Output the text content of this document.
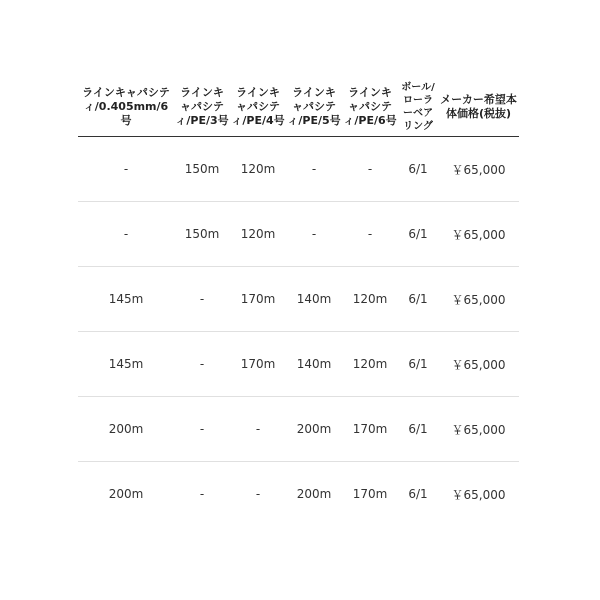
ラインキャパシティ/0.405mm/6号	ラインキャパシティ/PE/3号	ラインキャパシティ/PE/4号	ラインキャパシティ/PE/5号	ラインキャパシティ/PE/6号	ボール/ローラーベアリング	メーカー希望本体価格(税抜)
-	150m	120m	-	-	6/1	￥65,000
-	150m	120m	-	-	6/1	￥65,000
145m	-	170m	140m	120m	6/1	￥65,000
145m	-	170m	140m	120m	6/1	￥65,000
200m	-	-	200m	170m	6/1	￥65,000
200m	-	-	200m	170m	6/1	￥65,000
